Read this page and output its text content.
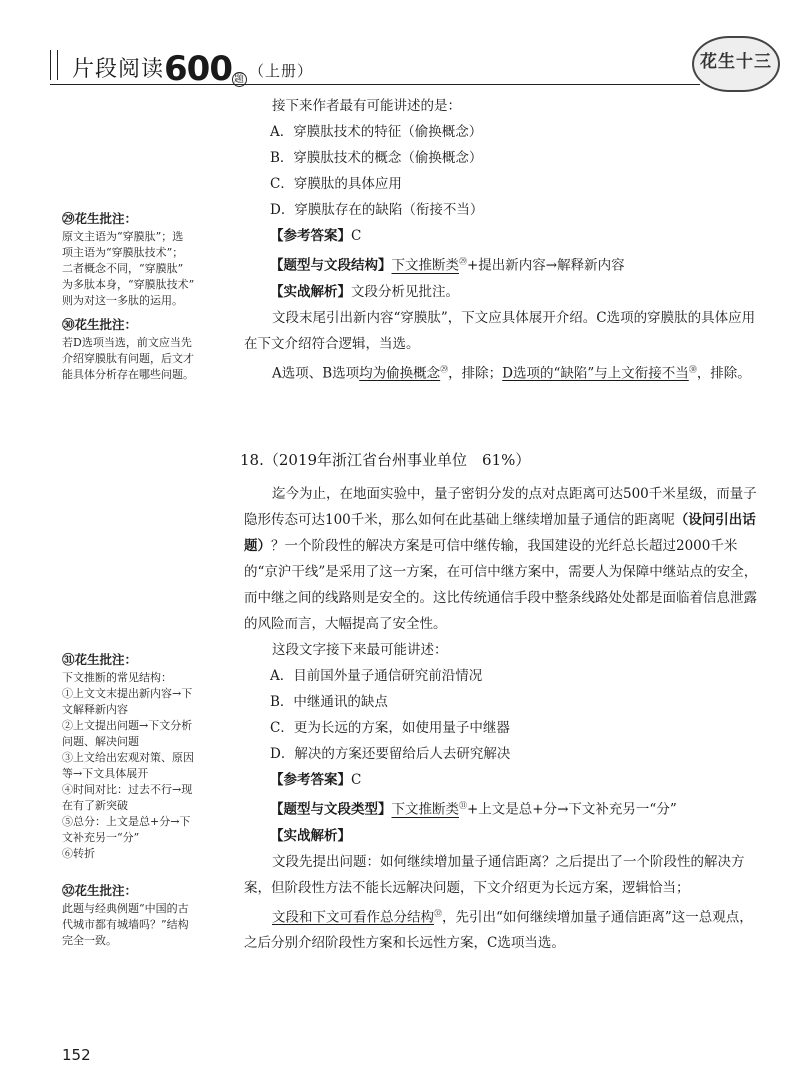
片段阅读600 题 （上册）	花生十三
㉙花生批注：
原文主语为“穿膜肽”；选
项主语为“穿膜肽技术”；
二者概念不同，“穿膜肽”
为多肽本身，“穿膜肽技术”
则为对这一多肽的运用。
㉚花生批注：
若D选项当选，前文应当先
介绍穿膜肽有问题，后文才
能具体分析存在哪些问题。
㉛花生批注：
下文推断的常见结构：
①上文文末提出新内容→下
文解释新内容
②上文提出问题→下文分析
问题、解决问题
③上文给出宏观对策、原因
等→下文具体展开
④时间对比：过去不行→现
在有了新突破
⑤总分：上文是总+分→下
文补充另一“分”
⑥转折
㉜花生批注：
此题与经典例题“中国的古
代城市都有城墙吗？”结构
完全一致。

接下来作者最有可能讲述的是：

A．穿膜肽技术的特征（偷换概念）
B．穿膜肽技术的概念（偷换概念）
C．穿膜肽的具体应用
D．穿膜肽存在的缺陷（衔接不当）
【参考答案】C
【题型与文段结构】下文推断类$^㉙$+提出新内容→解释新内容
【实战解析】文段分析见批注。

文段末尾引出新内容“穿膜肽”，下文应具体展开介绍。C选项的穿膜肽的具体应用在下文介绍符合逻辑，当选。

A选项、B选项均为偷换概念$^㉙$，排除；D选项的“缺陷”与上文衔接不当$^㉚$，排除。

18.（2019年浙江省台州事业单位　61%）

迄今为止，在地面实验中，量子密钥分发的点对点距离可达500千米星级，而量子隐形传态可达100千米，那么如何在此基础上继续增加量子通信的距离呢（设问引出话题）？一个阶段性的解决方案是可信中继传输，我国建设的光纤总长超过2000千米的“京沪干线”是采用了这一方案，在可信中继方案中，需要人为保障中继站点的安全，而中继之间的线路则是安全的。这比传统通信手段中整条线路处处都是面临着信息泄露的风险而言，大幅提高了安全性。

这段文字接下来最可能讲述：

A．目前国外量子通信研究前沿情况
B．中继通讯的缺点
C．更为长远的方案，如使用量子中继器
D．解决的方案还要留给后人去研究解决
【参考答案】C
【题型与文段类型】下文推断类$^㉛$+上文是总+分→下文补充另一“分”
【实战解析】

文段先提出问题：如何继续增加量子通信距离？之后提出了一个阶段性的解决方案，但阶段性方法不能长远解决问题，下文介绍更为长远方案，逻辑恰当；

文段和下文可看作总分结构$^㉜$，先引出“如何继续增加量子通信距离”这一总观点，之后分别介绍阶段性方案和长远性方案，C选项当选。

152
